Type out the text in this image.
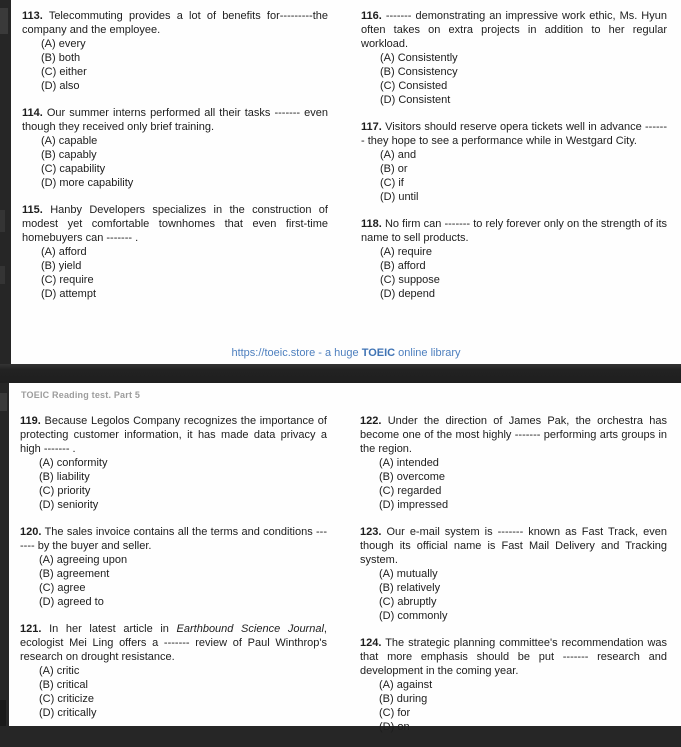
113. Telecommuting provides a lot of benefits for---------the company and the employee.

(A) every
(B) both
(C) either
(D) also

114. Our summer interns performed all their tasks ------- even though they received only brief training.

(A) capable
(B) capably
(C) capability
(D) more capability

115. Hanby Developers specializes in the construction of modest yet comfortable townhomes that even first-time homebuyers can ------- .

(A) afford
(B) yield
(C) require
(D) attempt

116. ------- demonstrating an impressive work ethic, Ms. Hyun often takes on extra projects in addition to her regular workload.

(A) Consistently
(B) Consistency
(C) Consisted
(D) Consistent

117. Visitors should reserve opera tickets well in advance ------- they hope to see a performance while in Westgard City.

(A) and
(B) or
(C) if
(D) until

118. No firm can ------- to rely forever only on the strength of its name to sell products.

(A) require
(B) afford
(C) suppose
(D) depend
https://toeic.store - a huge TOEIC online library
TOEIC Reading test. Part 5

119. Because Legolos Company recognizes the importance of protecting customer information, it has made data privacy a high ------- .

(A) conformity
(B) liability
(C) priority
(D) seniority

120. The sales invoice contains all the terms and conditions ------- by the buyer and seller.

(A) agreeing upon
(B) agreement
(C) agree
(D) agreed to

121. In her latest article in Earthbound Science Journal, ecologist Mei Ling offers a ------- review of Paul Winthrop's research on drought resistance.

(A) critic
(B) critical
(C) criticize
(D) critically

122. Under the direction of James Pak, the orchestra has become one of the most highly ------- performing arts groups in the region.

(A) intended
(B) overcome
(C) regarded
(D) impressed

123. Our e-mail system is ------- known as Fast Track, even though its official name is Fast Mail Delivery and Tracking system.

(A) mutually
(B) relatively
(C) abruptly
(D) commonly

124. The strategic planning committee's recommendation was that more emphasis should be put ------- research and development in the coming year.

(A) against
(B) during
(C) for
(D) on
